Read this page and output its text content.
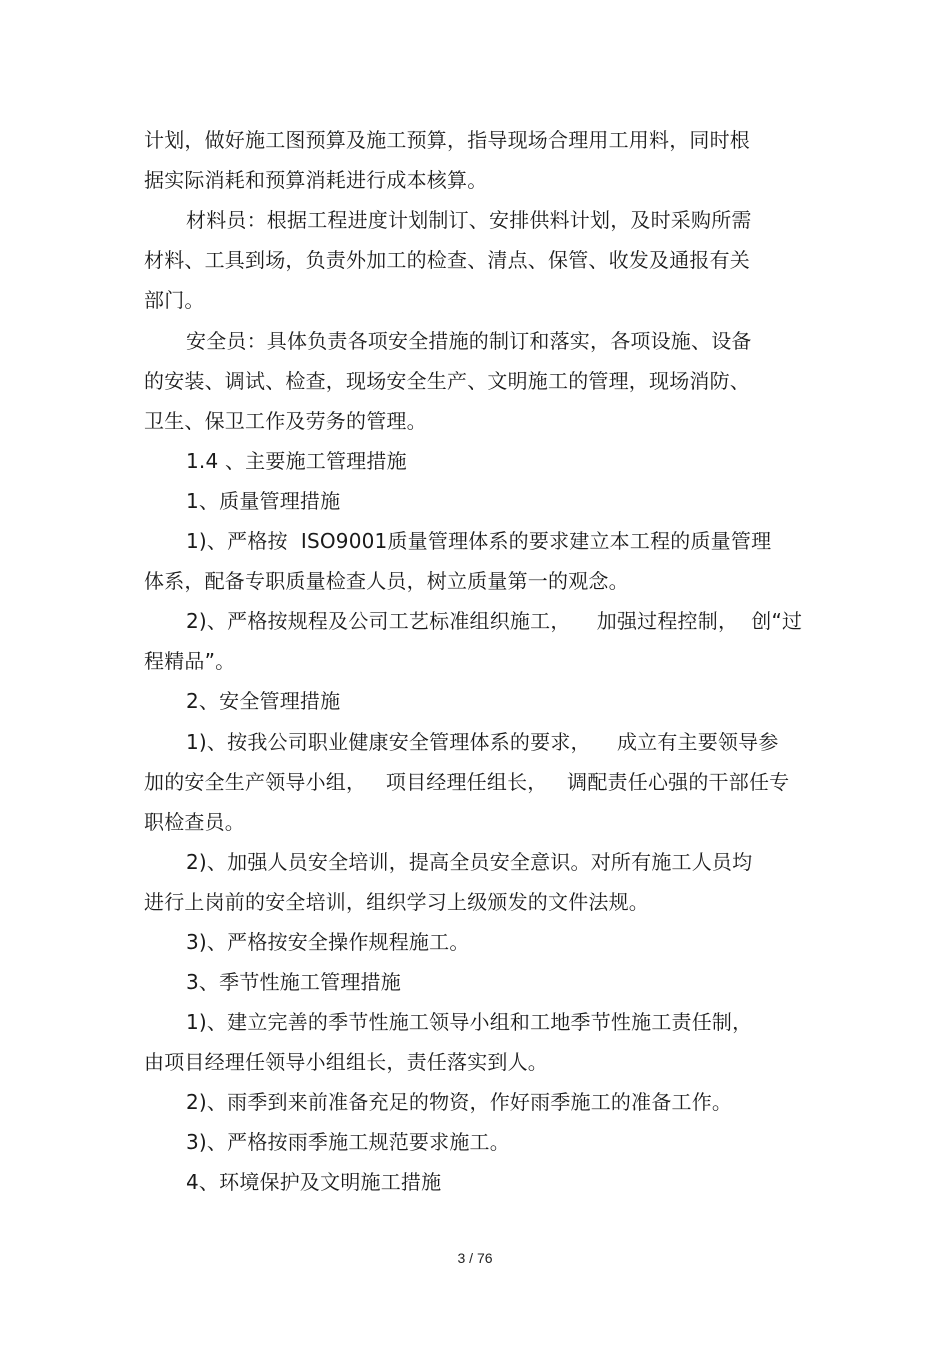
计划，做好施工图预算及施工预算，指导现场合理用工用料，同时根
据实际消耗和预算消耗进行成本核算。
材料员：根据工程进度计划制订、安排供料计划，及时采购所需
材料、工具到场，负责外加工的检查、清点、保管、收发及通报有关
部门。
安全员：具体负责各项安全措施的制订和落实，各项设施、设备
的安装、调试、检查，现场安全生产、文明施工的管理，现场消防、
卫生、保卫工作及劳务的管理。
1.4 、主要施工管理措施
1、质量管理措施
1)、严格按  ISO9001质量管理体系的要求建立本工程的质量管理
体系，配备专职质量检查人员，树立质量第一的观念。
2)、严格按规程及公司工艺标准组织施工，    加强过程控制，  创“过
程精品”。
2、安全管理措施
1)、按我公司职业健康安全管理体系的要求，    成立有主要领导参
加的安全生产领导小组，   项目经理任组长，   调配责任心强的干部任专
职检查员。
2)、加强人员安全培训，提高全员安全意识。对所有施工人员均
进行上岗前的安全培训，组织学习上级颁发的文件法规。
3)、严格按安全操作规程施工。
3、季节性施工管理措施
1)、建立完善的季节性施工领导小组和工地季节性施工责任制，
由项目经理任领导小组组长，责任落实到人。
2)、雨季到来前准备充足的物资，作好雨季施工的准备工作。
3)、严格按雨季施工规范要求施工。
4、环境保护及文明施工措施
3 / 76
